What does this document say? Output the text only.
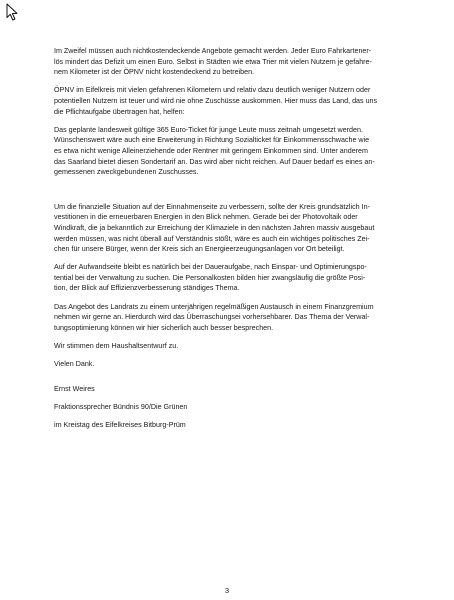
Im Zweifel müssen auch nichtkostendeckende Angebote gemacht werden. Jeder Euro Fahrkartener-
lös mindert das Defizit um einen Euro. Selbst in Städten wie etwa Trier mit vielen Nutzern je gefahre-
nem Kilometer ist der ÖPNV nicht kostendeckend zu betreiben.

ÖPNV im Eifelkreis mit vielen gefahrenen Kilometern und relativ dazu deutlich weniger Nutzern oder
potentiellen Nutzern ist teuer und wird nie ohne Zuschüsse auskommen. Hier muss das Land, das uns
die Pflichtaufgabe übertragen hat, helfen:

Das geplante landesweit gültige 365 Euro-Ticket für junge Leute muss zeitnah umgesetzt werden.
Wünschenswert wäre auch eine Erweiterung in Richtung Sozialticket für Einkommensschwache wie
es etwa nicht wenige Alleinerziehende oder Rentner mit geringem Einkommen sind. Unter anderem
das Saarland bietet diesen Sondertarif an. Das wird aber nicht reichen. Auf Dauer bedarf es eines an-
gemessenen zweckgebundenen Zuschusses.

Um die finanzielle Situation auf der Einnahmenseite zu verbessern, sollte der Kreis grundsätzlich In-
vestitionen in die erneuerbaren Energien in den Blick nehmen. Gerade bei der Photovoltaik oder
Windkraft, die ja bekanntlich zur Erreichung der Klimaziele in den nächsten Jahren massiv ausgebaut
werden müssen, was nicht überall auf Verständnis stößt, wäre es auch ein wichtiges politisches Zei-
chen für unsere Bürger, wenn der Kreis sich an Energieerzeugungsanlagen vor Ort beteiligt.

Auf der Aufwandseite bleibt es natürlich bei der Daueraufgabe, nach Einspar- und Optimierungspo-
tential bei der Verwaltung zu suchen. Die Personalkosten bilden hier zwangsläufig die größte Posi-
tion, der Blick auf Effizienzverbesserung ständiges Thema.

Das Angebot des Landrats zu einem unterjährigen regelmäßigen Austausch in einem Finanzgremium
nehmen wir gerne an. Hierdurch wird das Überraschungsei vorhersehbarer. Das Thema der Verwal-
tungsoptimierung können wir hier sicherlich auch besser besprechen.

Wir stimmen dem Haushaltsentwurf zu.

Vielen Dank.

Ernst Weires

Fraktionssprecher Bündnis 90/Die Grünen

im Kreistag des Eifelkreises Bitburg-Prüm

3
